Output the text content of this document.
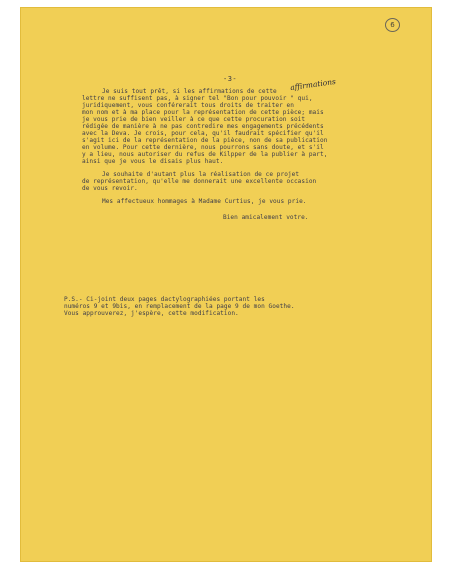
6
-3-	affirmations
Je suis tout prêt, si les affirmations de cette
lettre ne suffisent pas, à signer tel "Bon pour pouvoir " qui,
juridiquement, vous conférerait tous droits de traiter en
mon nom et à ma place pour la représentation de cette pièce; mais
je vous prie de bien veiller à ce que cette procuration soit
rédigée de manière à ne pas contredire mes engagements précédents
avec la Deva. Je crois, pour cela, qu'il faudrait spécifier qu'il
s'agit ici de la représentation de la pièce, non de sa publication
en volume. Pour cette dernière, nous pourrons sans doute, et s'il
y a lieu, nous autoriser du refus de Kilpper de la publier à part,
ainsi que je vous le disais plus haut.
Je souhaite d'autant plus la réalisation de ce projet
de représentation, qu'elle me donnerait une excellente occasion
de vous revoir.
Mes affectueux hommages à Madame Curtius, je vous prie.
Bien amicalement votre.
P.S.- Ci-joint deux pages dactylographiées portant les
numéros 9 et 9bis, en remplacement de la page 9 de mon Goethe.
Vous approuverez, j'espère, cette modification.
